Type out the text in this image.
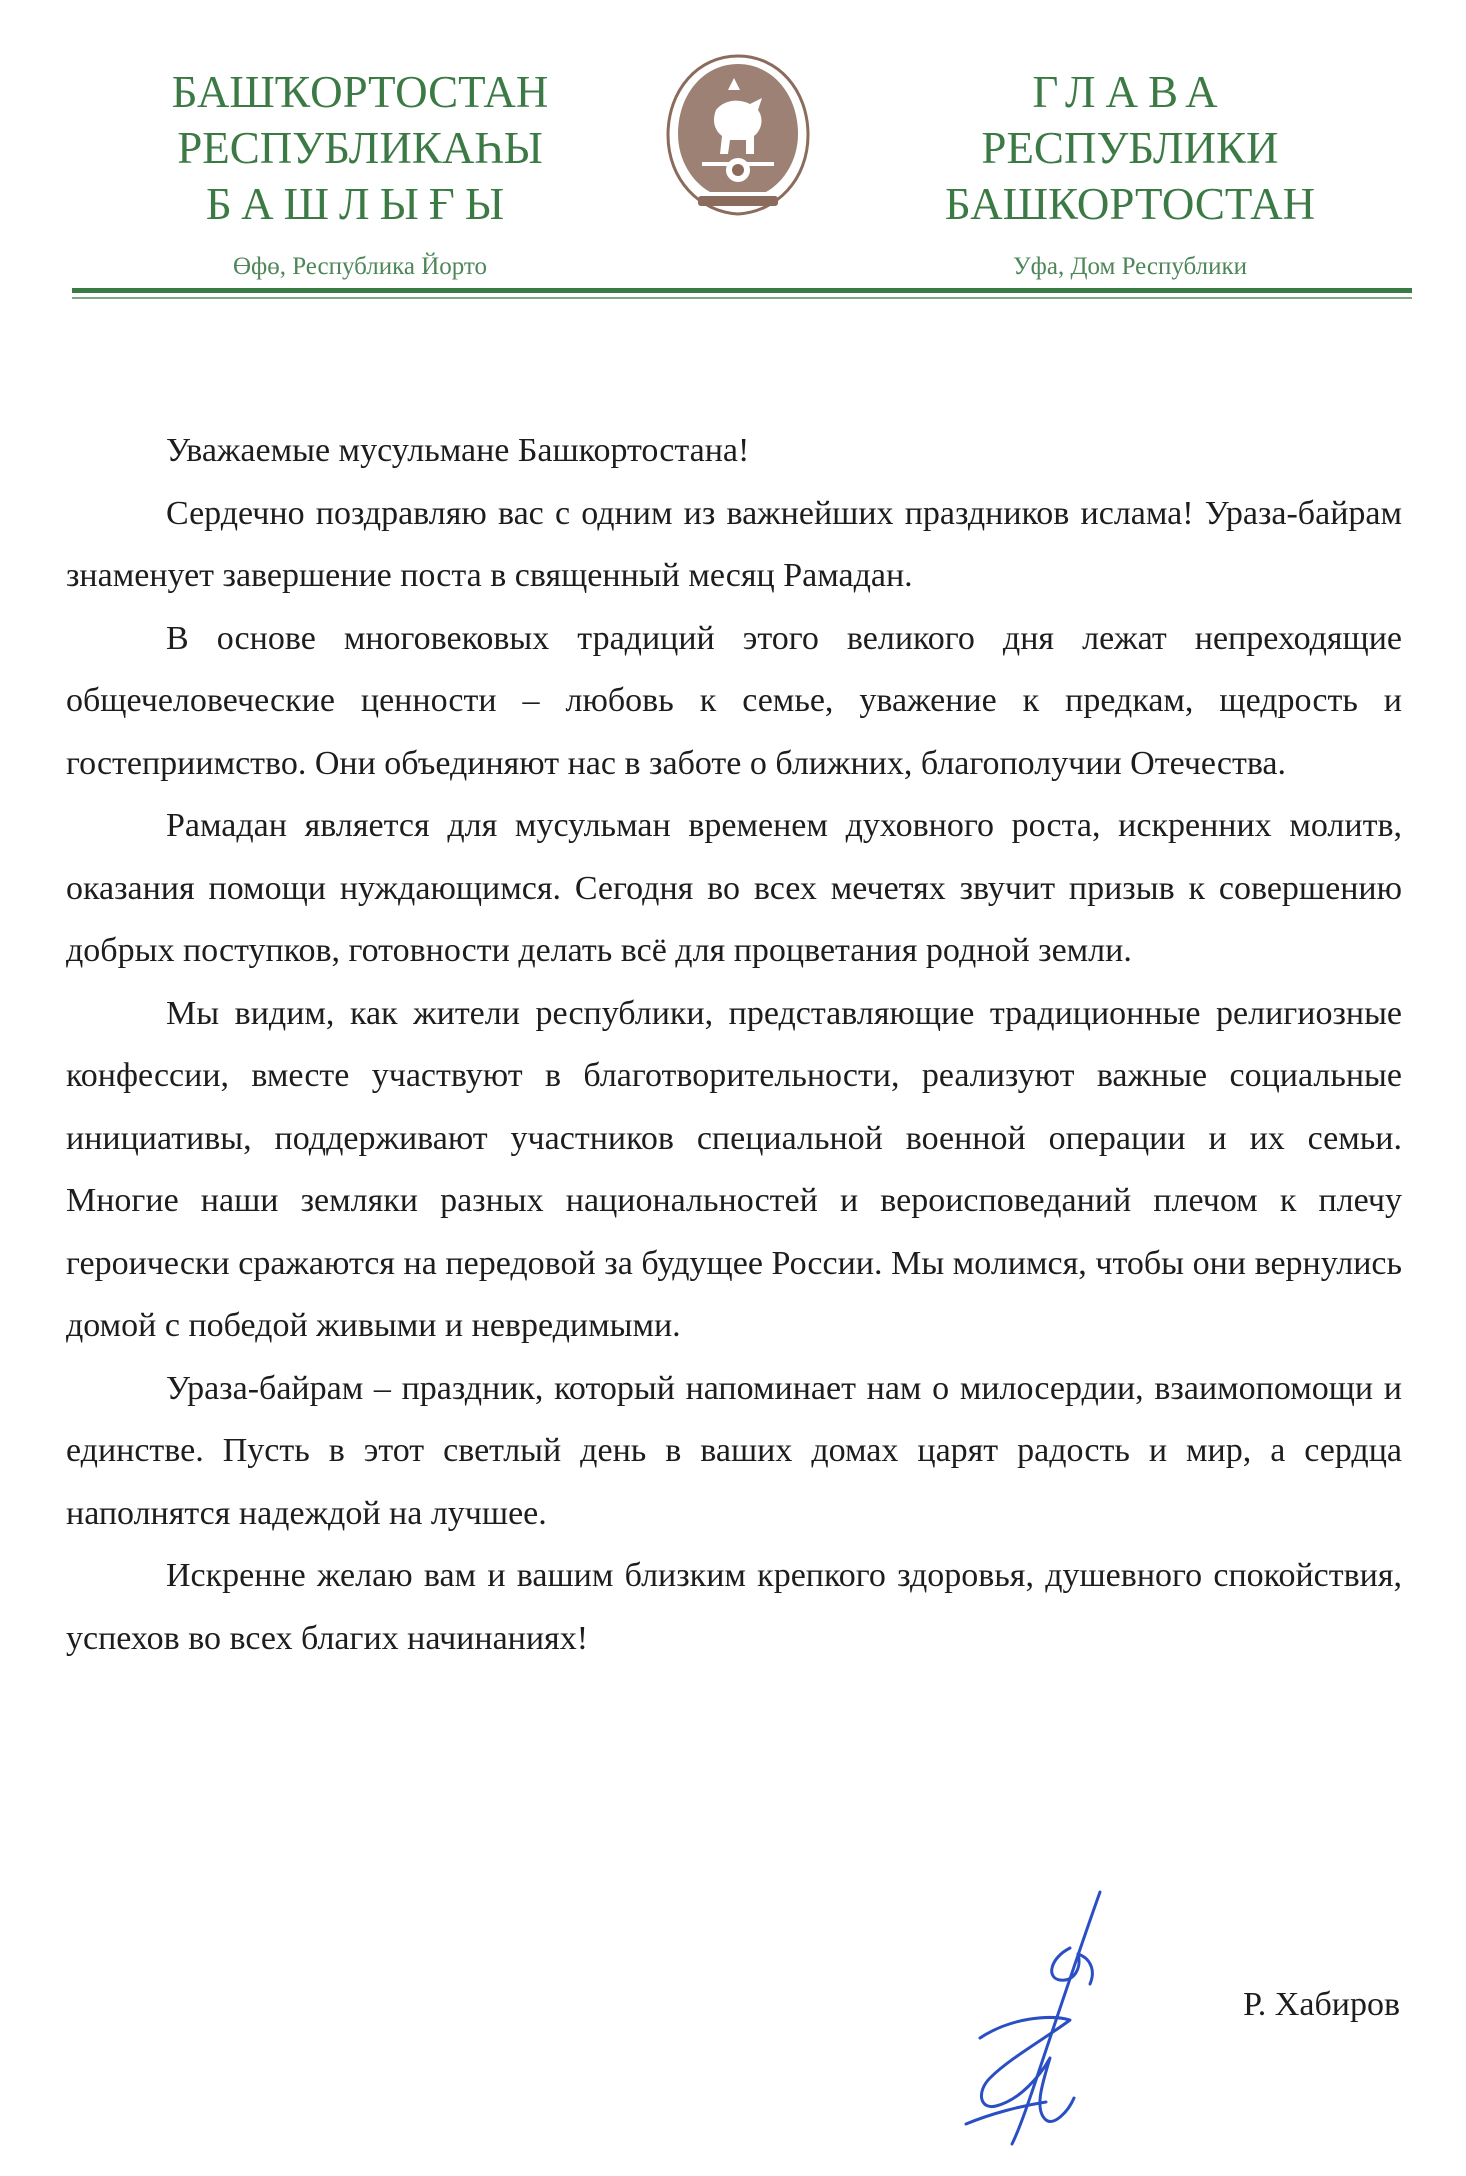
БАШҠОРТОСТАН
РЕСПУБЛИКАҺЫ
БАШЛЫҒЫ
Өфө, Республика Йорто
ГЛАВА
РЕСПУБЛИКИ
БАШКОРТОСТАН
Уфа, Дом Республики

Уважаемые мусульмане Башкортостана!

Сердечно поздравляю вас с одним из важнейших праздников ислама! Ураза-байрам знаменует завершение поста в священный месяц Рамадан.

В основе многовековых традиций этого великого дня лежат непреходящие общечеловеческие ценности – любовь к семье, уважение к предкам, щедрость и гостеприимство. Они объединяют нас в заботе о ближних, благополучии Отечества.

Рамадан является для мусульман временем духовного роста, искренних молитв, оказания помощи нуждающимся. Сегодня во всех мечетях звучит призыв к совершению добрых поступков, готовности делать всё для процветания родной земли.

Мы видим, как жители республики, представляющие традиционные религиозные конфессии, вместе участвуют в благотворительности, реализуют важные социальные инициативы, поддерживают участников специальной военной операции и их семьи. Многие наши земляки разных национальностей и вероисповеданий плечом к плечу героически сражаются на передовой за будущее России. Мы молимся, чтобы они вернулись домой с победой живыми и невредимыми.

Ураза-байрам – праздник, который напоминает нам о милосердии, взаимопомощи и единстве. Пусть в этот светлый день в ваших домах царят радость и мир, а сердца наполнятся надеждой на лучшее.

Искренне желаю вам и вашим близким крепкого здоровья, душевного спокойствия, успехов во всех благих начинаниях!

Р. Хабиров
